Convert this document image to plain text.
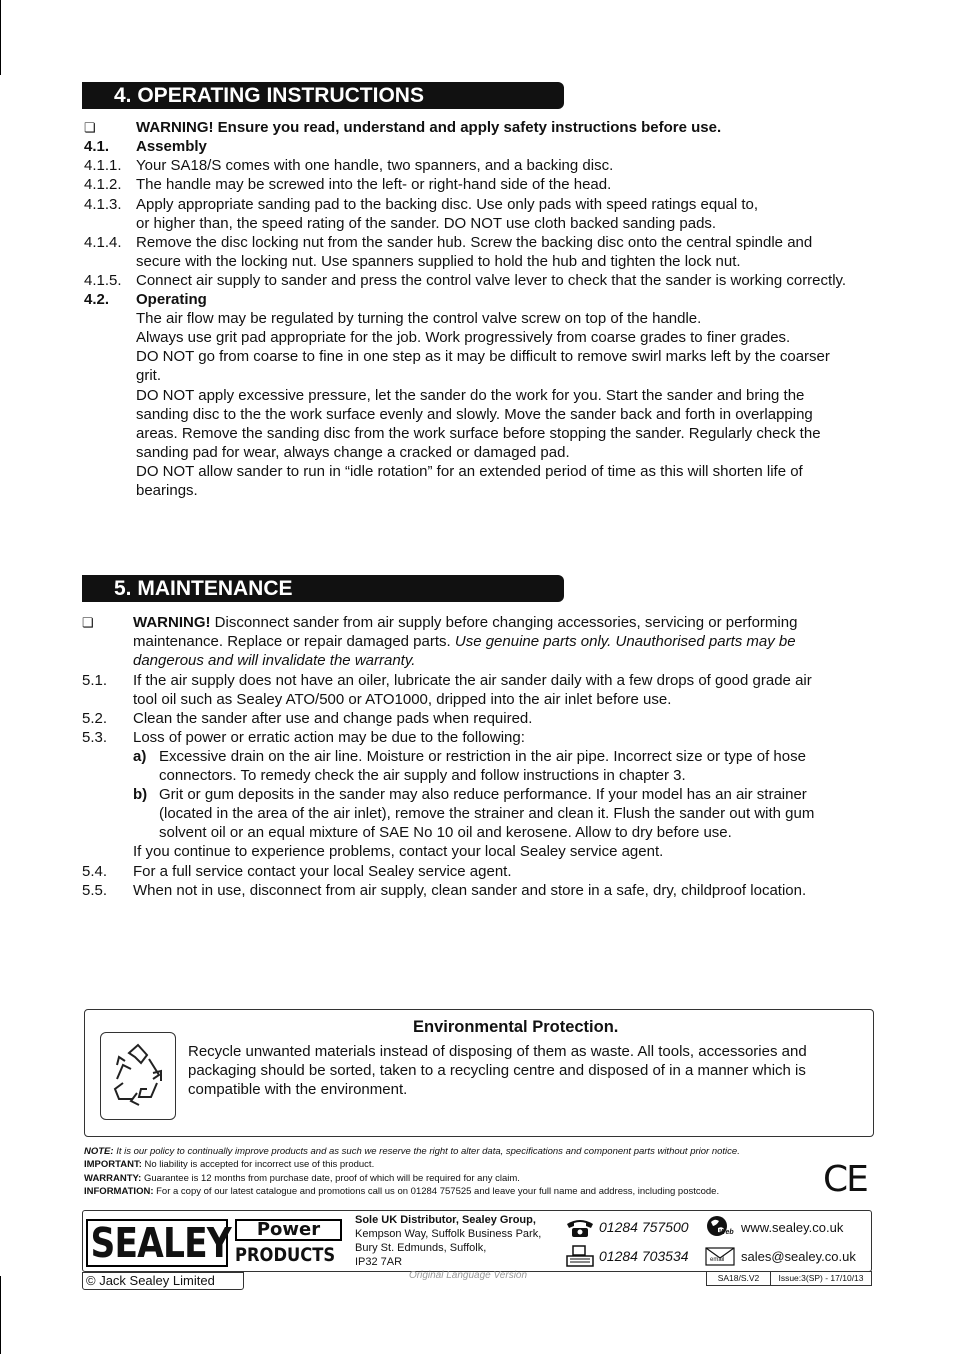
4. OPERATING INSTRUCTIONS
❏	WARNING! Ensure you read, understand and apply safety instructions before use.
4.1. Assembly
4.1.1. Your SA18/S comes with one handle, two spanners, and a backing disc.
4.1.2. The handle may be screwed into the left- or right-hand side of the head.
4.1.3. Apply appropriate sanding pad to the backing disc. Use only pads with speed ratings equal to,
or higher than, the speed rating of the sander. DO NOT use cloth backed sanding pads.
4.1.4. Remove the disc locking nut from the sander hub. Screw the backing disc onto the central spindle and
secure with the locking nut. Use spanners supplied to hold the hub and tighten the lock nut.
4.1.5. Connect air supply to sander and press the control valve lever to check that the sander is working correctly.
4.2. Operating
The air flow may be regulated by turning the control valve screw on top of the handle.
Always use grit pad appropriate for the job. Work progressively from coarse grades to finer grades.
DO NOT go from coarse to fine in one step as it may be difficult to remove swirl marks left by the coarser
grit.
DO NOT apply excessive pressure, let the sander do the work for you. Start the sander and bring the
sanding disc to the the work surface evenly and slowly. Move the sander back and forth in overlapping
areas. Remove the sanding disc from the work surface before stopping the sander. Regularly check the
sanding pad for wear, always change a cracked or damaged pad.
DO NOT allow sander to run in “idle rotation” for an extended period of time as this will shorten life of
bearings.
5. MAINTENANCE
❏	WARNING! Disconnect sander from air supply before changing accessories, servicing or performing
maintenance. Replace or repair damaged parts. Use genuine parts only. Unauthorised parts may be
dangerous and will invalidate the warranty.
5.1. If the air supply does not have an oiler, lubricate the air sander daily with a few drops of good grade air
tool oil such as Sealey ATO/500 or ATO1000, dripped into the air inlet before use.
5.2. Clean the sander after use and change pads when required.
5.3. Loss of power or erratic action may be due to the following:
a) Excessive drain on the air line. Moisture or restriction in the air pipe. Incorrect size or type of hose
connectors. To remedy check the air supply and follow instructions in chapter 3.
b) Grit or gum deposits in the sander may also reduce performance. If your model has an air strainer
(located in the area of the air inlet), remove the strainer and clean it. Flush the sander out with gum
solvent oil or an equal mixture of SAE No 10 oil and kerosene. Allow to dry before use.
If you continue to experience problems, contact your local Sealey service agent.
5.4. For a full service contact your local Sealey service agent.
5.5. When not in use, disconnect from air supply, clean sander and store in a safe, dry, childproof location.
Environmental Protection.
Recycle unwanted materials instead of disposing of them as waste. All tools, accessories and
packaging should be sorted, taken to a recycling centre and disposed of in a manner which is
compatible with the environment.
NOTE: It is our policy to continually improve products and as such we reserve the right to alter data, specifications and component parts without prior notice.
IMPORTANT: No liability is accepted for incorrect use of this product.
WARRANTY: Guarantee is 12 months from purchase date, proof of which will be required for any claim.
INFORMATION: For a copy of our latest catalogue and promotions call us on 01284 757525 and leave your full name and address, including postcode.	CE
SEALEY	Power
PRODUCTS
Sole UK Distributor, Sealey Group,
Kempson Way, Suffolk Business Park,
Bury St. Edmunds, Suffolk,
IP32 7AR
01284 757500
01284 703534
Web www.sealey.co.uk
email sales@sealey.co.uk
© Jack Sealey Limited	Original Language Version	SA18/S.V2	Issue:3(SP) - 17/10/13
